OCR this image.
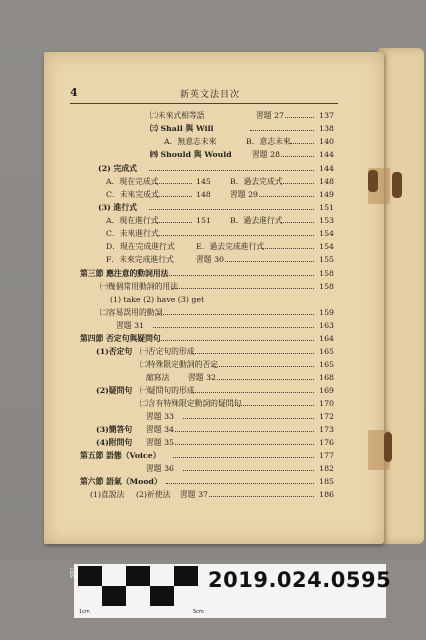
4	新英文法目次
㈡未來式相等語	習題 27	137
㈢ Shall 與 Will	138
A．無意志未來	B．意志未來	140
㈣ Should 與 Would	習題 28	144
(2) 完成式	144
A．現在完成式	145 B．過去完成式	148
C．未來完成式	148 習題 29	149
(3) 進行式	151
A．現在進行式	151 B．過去進行式	153
C．未來進行式	154
D．現在完成進行式	E．過去完成進行式	154
F．未來完成進行式	習題 30	155
第三節 應注意的動詞用法	158
㈠幾個常用動詞的用法	158
(1) take (2) have (3) get
㈡容易誤用的動詞	159
習題 31	163
第四節 否定句與疑問句	164
(1)否定句 ㈠否定句的形成	165
㈡特殊限定動詞的否定	165
縮寫法 習題 32	168
(2)疑問句 ㈠疑問句的形成	169
㈡含有特殊限定動詞的疑問句	170
習題 33	172
(3)簡答句 習題 34	173
(4)附問句 習題 35	176
第五節 語態（Voice）	177
習題 36	182
第六節 語氣（Mood）	185
(1)直說法 (2)祈使法 習題 37	186
CIDS
1cm	5cm
2019.024.0595
